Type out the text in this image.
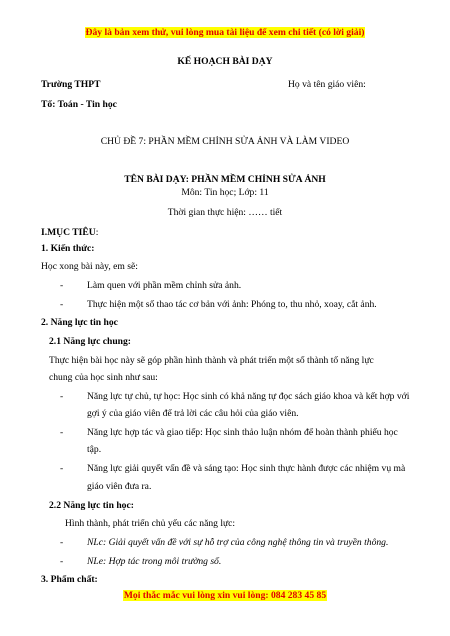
Đây là bản xem thử, vui lòng mua tài liệu để xem chi tiết (có lời giải)
KẾ HOẠCH BÀI DẠY
Trường THPT	Họ và tên giáo viên:
Tổ: Toán - Tin học
CHỦ ĐỀ 7: PHẦN MỀM CHỈNH SỬA ẢNH VÀ LÀM VIDEO
TÊN BÀI DẠY: PHẦN MỀM CHỈNH SỬA ẢNH
Môn: Tin học; Lớp: 11
Thời gian thực hiện: …… tiết
I.MỤC TIÊU:
1. Kiến thức:
Học xong bài này, em sẽ:
- Làm quen với phần mềm chỉnh sửa ảnh.
- Thực hiện một số thao tác cơ bản với ảnh: Phóng to, thu nhỏ, xoay, cắt ảnh.
2. Năng lực tin học
2.1 Năng lực chung:
Thực hiện bài học này sẽ góp phần hình thành và phát triển một số thành tố năng lực
chung của học sinh như sau:
- Năng lực tự chủ, tự học: Học sinh có khả năng tự đọc sách giáo khoa và kết hợp với
gợi ý của giáo viên để trả lời các câu hỏi của giáo viên.
- Năng lực hợp tác và giao tiếp: Học sinh thảo luận nhóm để hoàn thành phiếu học
tập.
- Năng lực giải quyết vấn đề và sáng tạo: Học sinh thực hành được các nhiệm vụ mà
giáo viên đưa ra.
2.2 Năng lực tin học:
Hình thành, phát triển chủ yếu các năng lực:
- NLc: Giải quyết vấn đề với sự hỗ trợ của công nghệ thông tin và truyền thông.
- NLe: Hợp tác trong môi trường số.
3. Phẩm chất:
Mọi thắc mắc vui lòng xin vui lòng: 084 283 45 85
